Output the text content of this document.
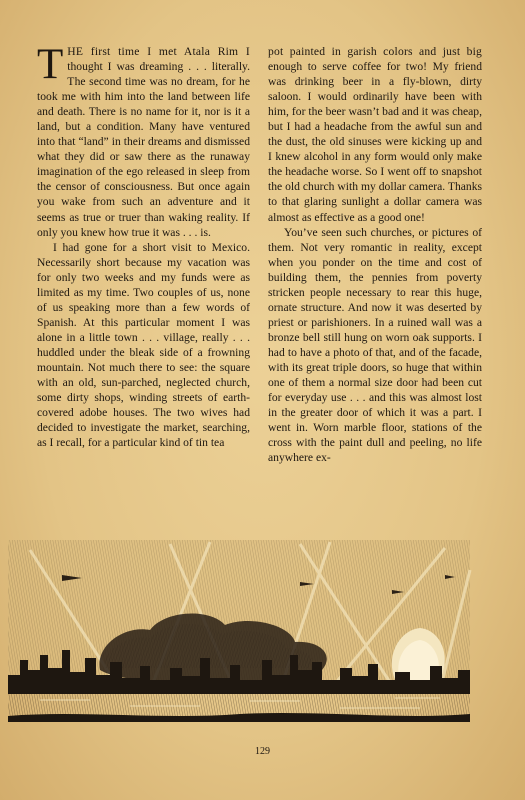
THE first time I met Atala Rim I thought I was dreaming . . . literally. The second time was no dream, for he took me with him into the land between life and death. There is no name for it, nor is it a land, but a condition. Many have ventured into that “land” in their dreams and dismissed what they did or saw there as the runaway imagination of the ego released in sleep from the censor of consciousness. But once again you wake from such an adventure and it seems as true or truer than waking reality. If only you knew how true it was . . . is.

I had gone for a short visit to Mexico. Necessarily short because my vacation was for only two weeks and my funds were as limited as my time. Two couples of us, none of us speaking more than a few words of Spanish. At this particular moment I was alone in a little town . . . village, really . . . huddled under the bleak side of a frowning mountain. Not much there to see: the square with an old, sun-parched, neglected church, some dirty shops, winding streets of earth-covered adobe houses. The two wives had decided to investigate the market, searching, as I recall, for a particular kind of tin tea

pot painted in garish colors and just big enough to serve coffee for two! My friend was drinking beer in a fly-blown, dirty saloon. I would ordinarily have been with him, for the beer wasn’t bad and it was cheap, but I had a headache from the awful sun and the dust, the old sinuses were kicking up and I knew alcohol in any form would only make the headache worse. So I went off to snapshot the old church with my dollar camera. Thanks to that glaring sunlight a dollar camera was almost as effective as a good one!

You’ve seen such churches, or pictures of them. Not very romantic in reality, except when you ponder on the time and cost of building them, the pennies from poverty stricken people necessary to rear this huge, ornate structure. And now it was deserted by priest or parishioners. In a ruined wall was a bronze bell still hung on worn oak supports. I had to have a photo of that, and of the facade, with its great triple doors, so huge that within one of them a normal size door had been cut for everyday use . . . and this was almost lost in the greater door of which it was a part. I went in. Worn marble floor, stations of the cross with the paint dull and peeling, no life anywhere ex-

129
